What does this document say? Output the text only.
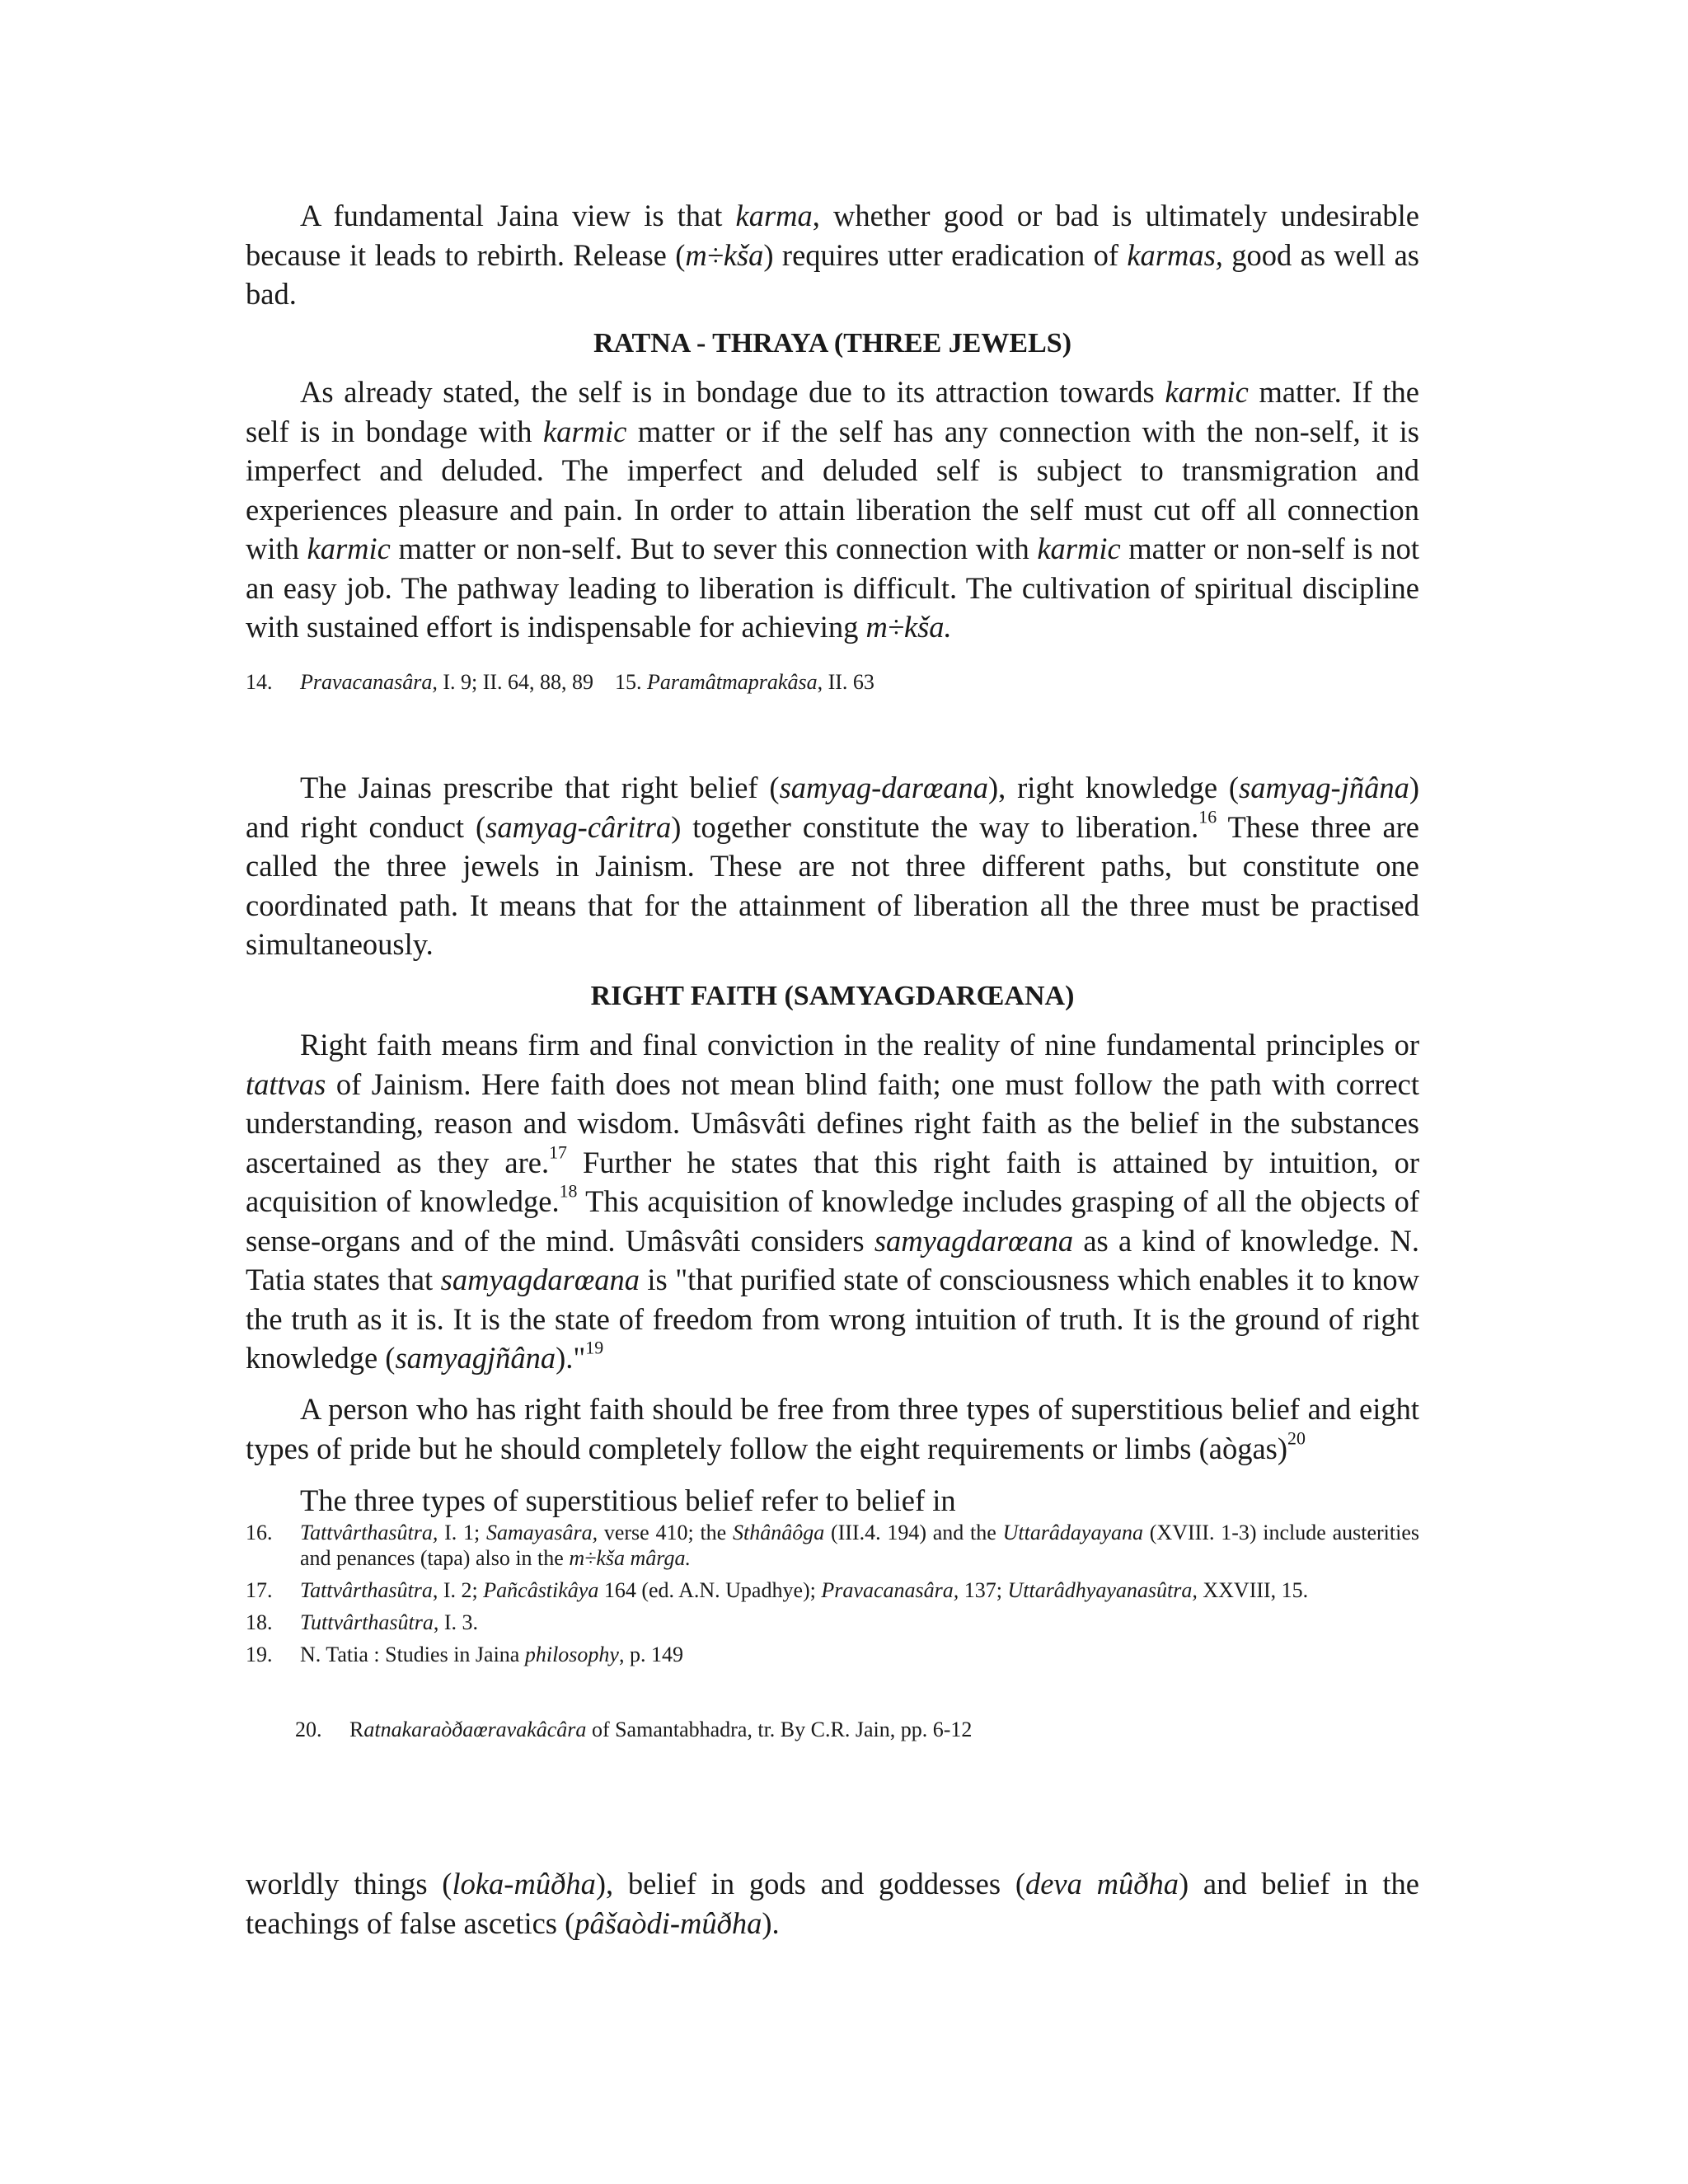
A fundamental Jaina view is that karma, whether good or bad is ultimately undesirable because it leads to rebirth. Release (m÷kša) requires utter eradication of karmas, good as well as bad.

RATNA - THRAYA (THREE JEWELS)

As already stated, the self is in bondage due to its attraction towards karmic matter. If the self is in bondage with karmic matter or if the self has any connection with the non-self, it is imperfect and deluded. The imperfect and deluded self is subject to transmigration and experiences pleasure and pain. In order to attain liberation the self must cut off all connection with karmic matter or non-self. But to sever this connection with karmic matter or non-self is not an easy job. The pathway leading to liberation is difficult. The cultivation of spiritual discipline with sustained effort is indispensable for achieving m÷kša.

14. Pravacanasâra, I. 9; II. 64, 88, 89 15. Paramâtmaprakâsa, II. 63

The Jainas prescribe that right belief (samyag-darœana), right knowledge (samyag-jñâna) and right conduct (samyag-câritra) together constitute the way to liberation.$^{16}$ These three are called the three jewels in Jainism. These are not three different paths, but constitute one coordinated path. It means that for the attainment of liberation all the three must be practised simultaneously.

RIGHT FAITH (SAMYAGDARŒANA)

Right faith means firm and final conviction in the reality of nine fundamental principles or tattvas of Jainism. Here faith does not mean blind faith; one must follow the path with correct understanding, reason and wisdom. Umâsvâti defines right faith as the belief in the substances ascertained as they are.$^{17}$ Further he states that this right faith is attained by intuition, or acquisition of knowledge.$^{18}$ This acquisition of knowledge includes grasping of all the objects of sense-organs and of the mind. Umâsvâti considers samyagdarœana as a kind of knowledge. N. Tatia states that samyagdarœana is "that purified state of consciousness which enables it to know the truth as it is. It is the state of freedom from wrong intuition of truth. It is the ground of right knowledge (samyagjñâna)."$^{19}$

A person who has right faith should be free from three types of superstitious belief and eight types of pride but he should completely follow the eight requirements or limbs (aògas)$^{20}$

The three types of superstitious belief refer to belief in

16.	Tattvârthasûtra, I. 1; Samayasâra, verse 410; the Sthânâôga (III.4. 194) and the Uttarâdayayana (XVIII. 1-3) include austerities and penances (tapa) also in the m÷kša mârga.
17.	Tattvârthasûtra, I. 2; Pañcâstikâya 164 (ed. A.N. Upadhye); Pravacanasâra, 137; Uttarâdhyayanasûtra, XXVIII, 15.
18.	Tuttvârthasûtra, I. 3.
19.	N. Tatia : Studies in Jaina philosophy, p. 149
20. Ratnakaraòðaœravakâcâra of Samantabhadra, tr. By C.R. Jain, pp. 6-12

worldly things (loka-mûðha), belief in gods and goddesses (deva mûðha) and belief in the teachings of false ascetics (pâšaòdi-mûðha).
